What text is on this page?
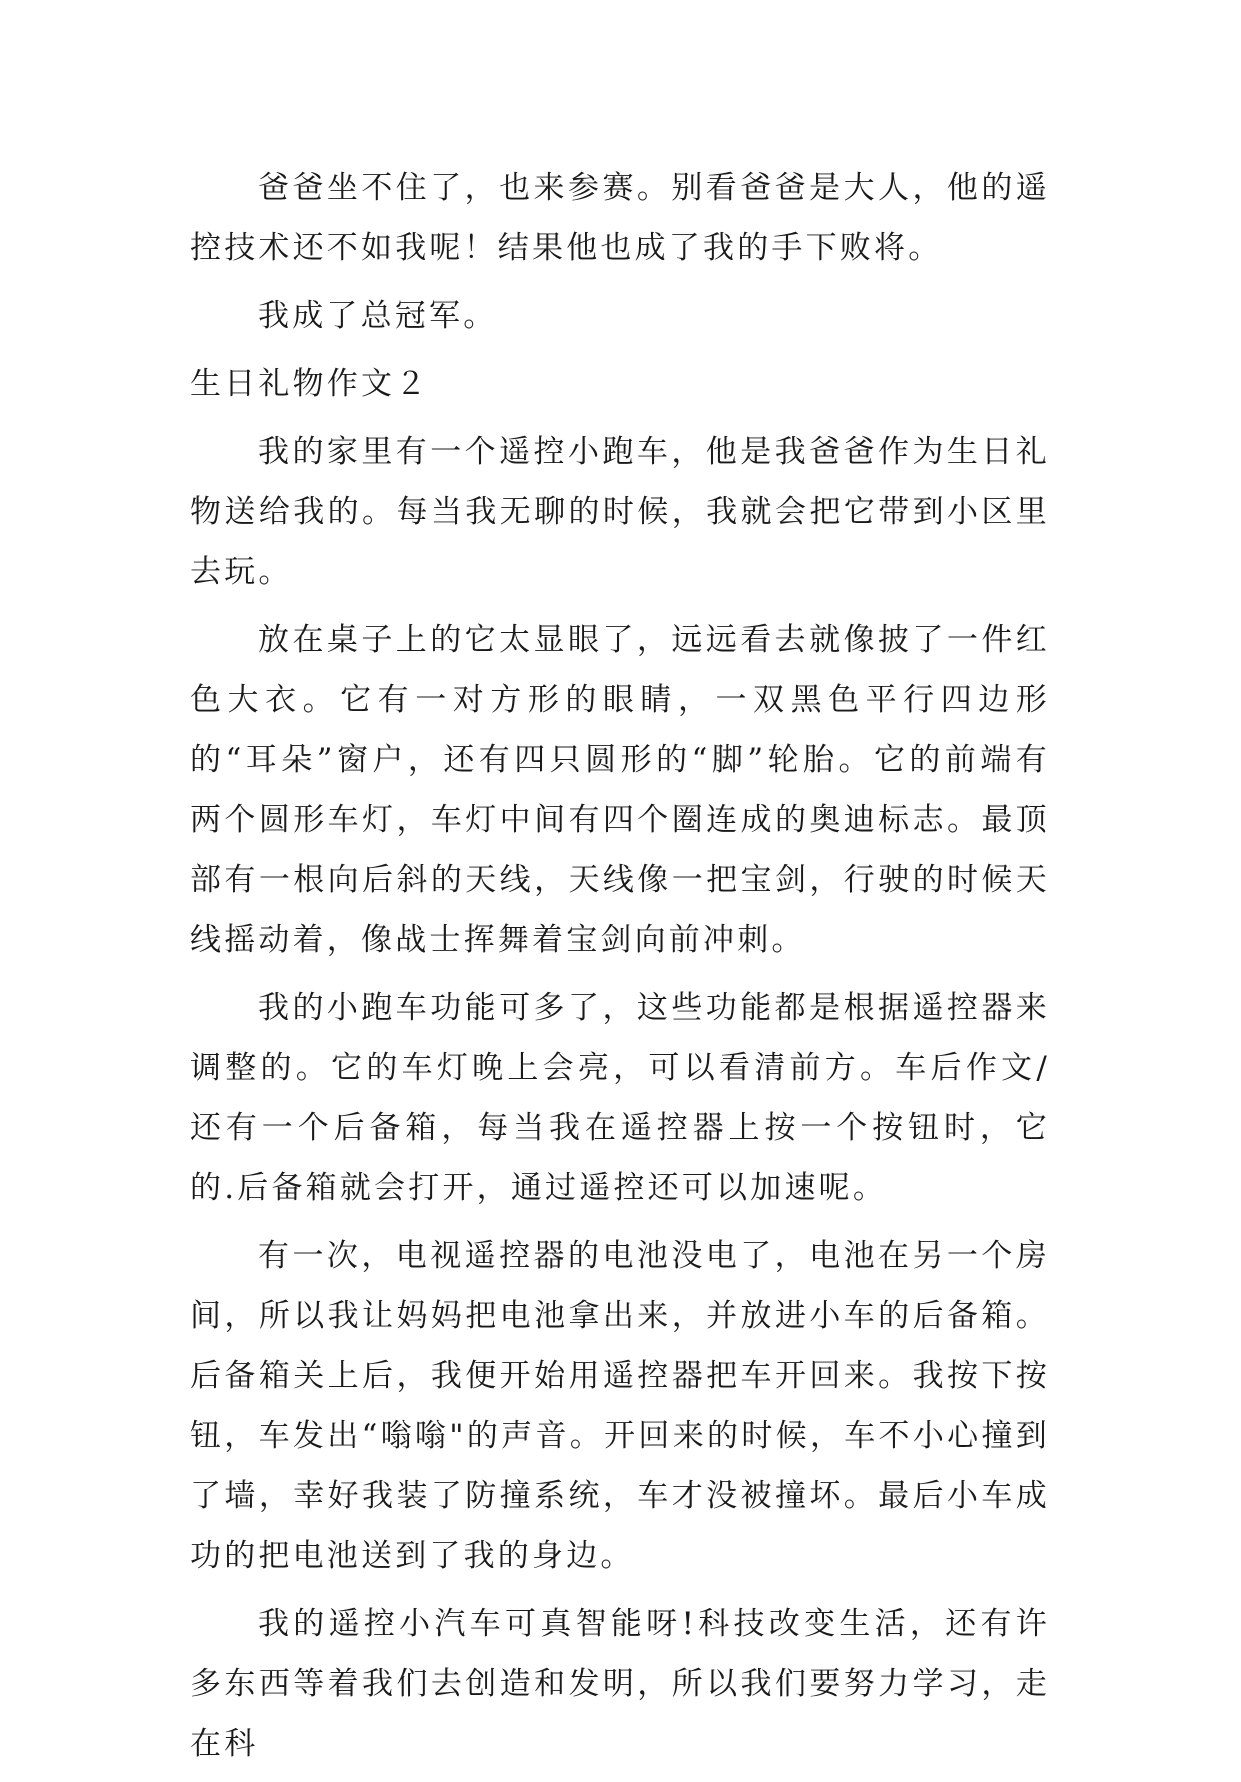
爸爸坐不住了，也来参赛。别看爸爸是大人，他的遥控技术还不如我呢！结果他也成了我的手下败将。

我成了总冠军。

生日礼物作文２

我的家里有一个遥控小跑车，他是我爸爸作为生日礼物送给我的。每当我无聊的时候，我就会把它带到小区里去玩。

放在桌子上的它太显眼了，远远看去就像披了一件红色大衣。它有一对方形的眼睛，一双黑色平行四边形的“耳朵”窗户，还有四只圆形的“脚”轮胎。它的前端有两个圆形车灯，车灯中间有四个圈连成的奥迪标志。最顶部有一根向后斜的天线，天线像一把宝剑，行驶的时候天线摇动着，像战士挥舞着宝剑向前冲刺。

我的小跑车功能可多了，这些功能都是根据遥控器来调整的。它的车灯晚上会亮，可以看清前方。车后作文/还有一个后备箱，每当我在遥控器上按一个按钮时，它的.后备箱就会打开，通过遥控还可以加速呢。

有一次，电视遥控器的电池没电了，电池在另一个房间，所以我让妈妈把电池拿出来，并放进小车的后备箱。后备箱关上后，我便开始用遥控器把车开回来。我按下按钮，车发出“嗡嗡"的声音。开回来的时候，车不小心撞到了墙，幸好我装了防撞系统，车才没被撞坏。最后小车成功的把电池送到了我的身边。

我的遥控小汽车可真智能呀!科技改变生活，还有许多东西等着我们去创造和发明，所以我们要努力学习，走在科
